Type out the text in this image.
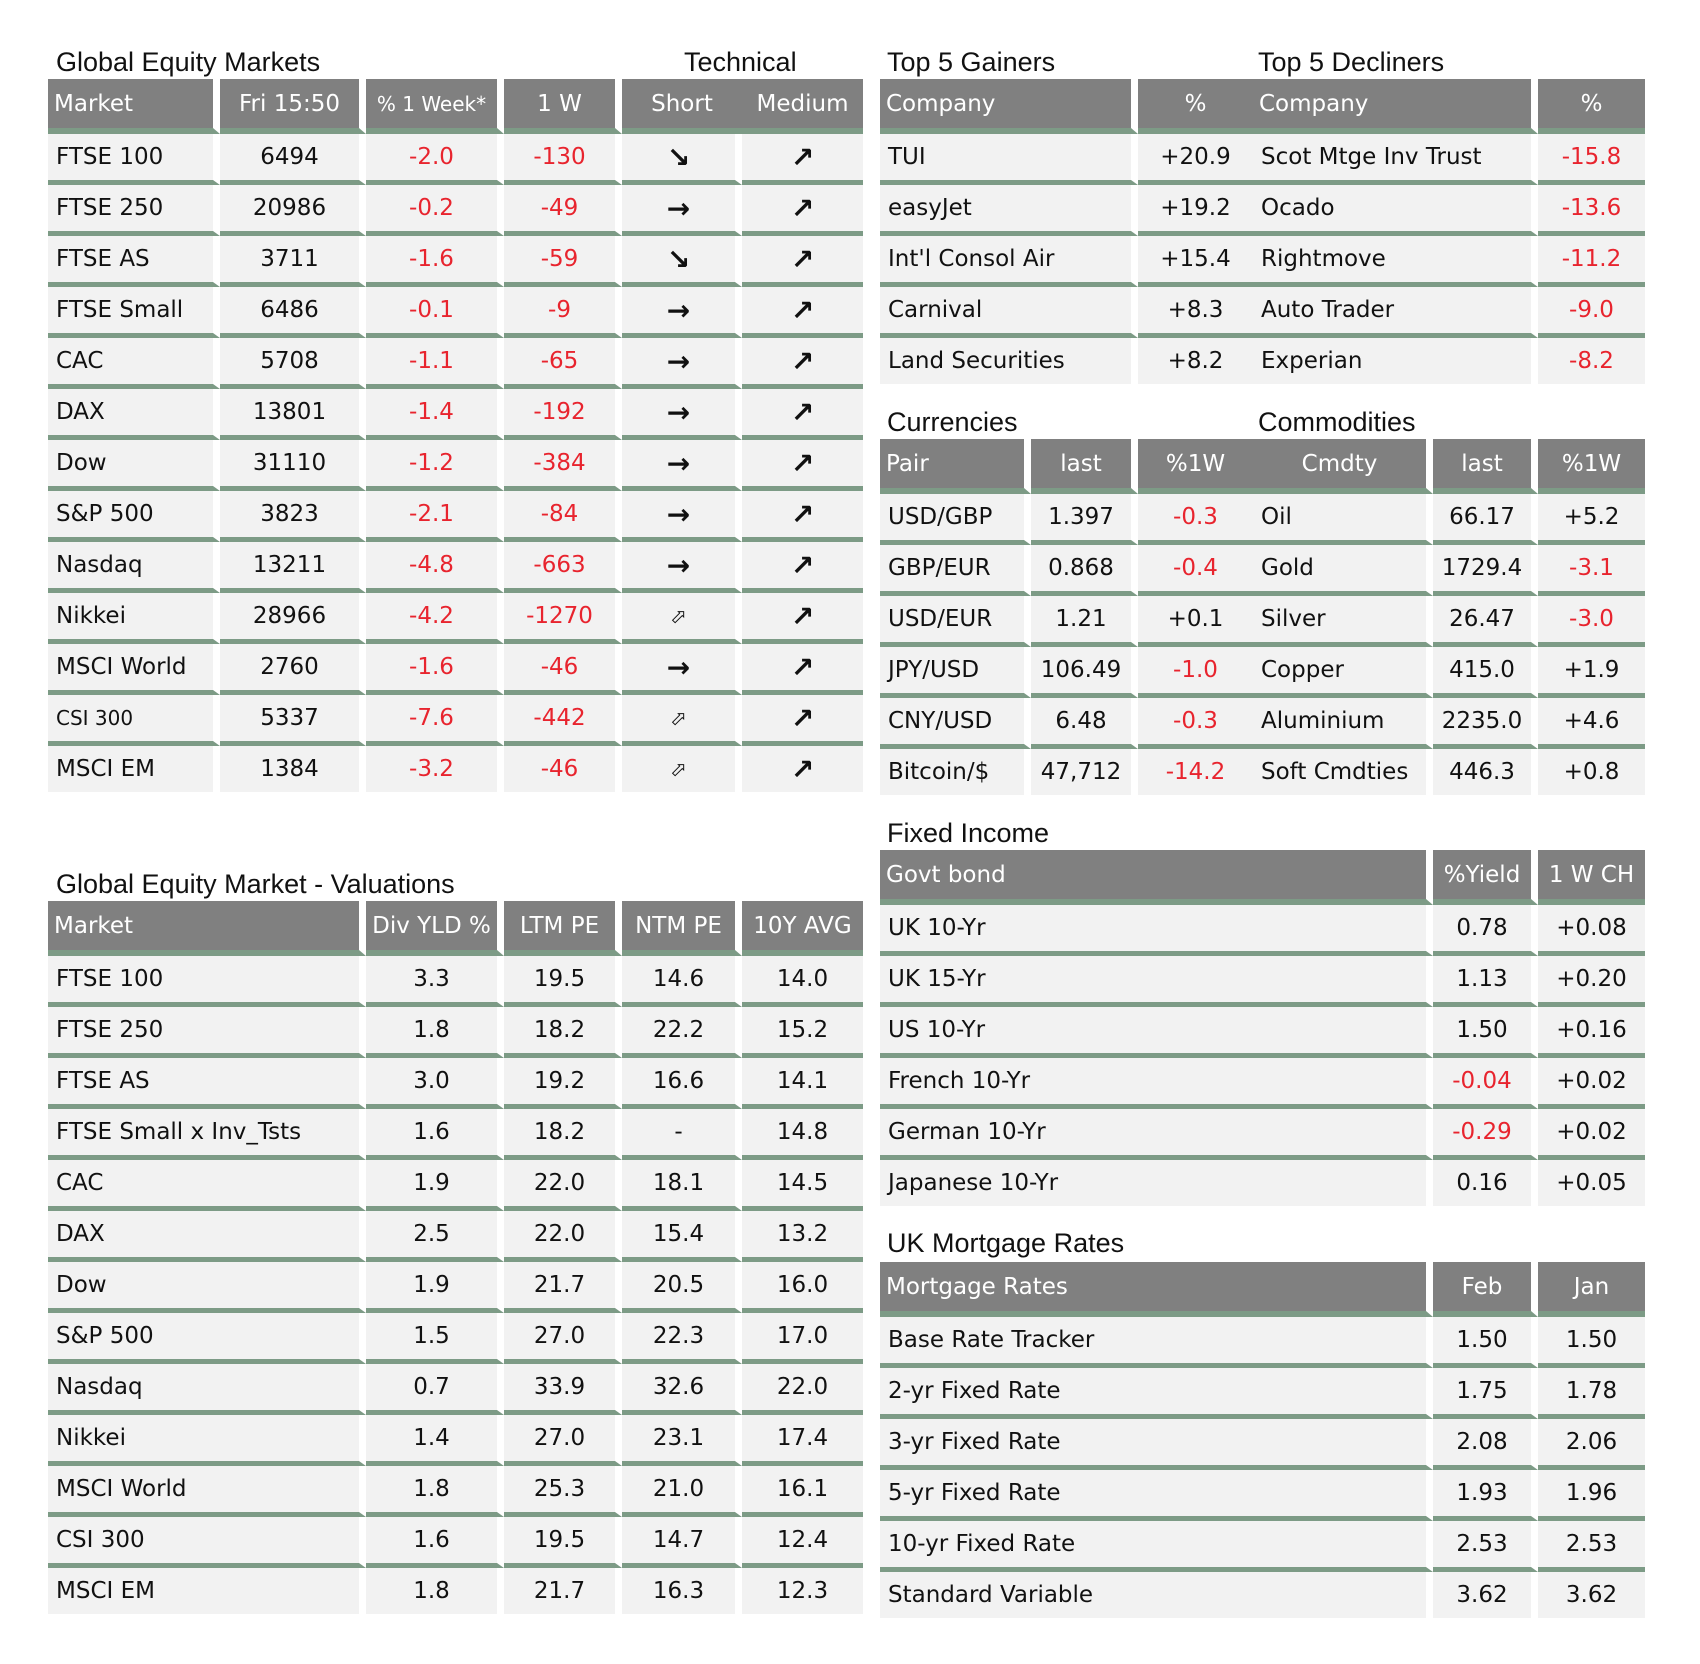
Global Equity Markets	Technical	Top 5 Gainers	Top 5 Decliners
Currencies	Commodities
Global Equity Market - Valuations
Fixed Income
UK Mortgage Rates
Market	Fri 15:50	% 1 Week*	1 W	Short	Medium
FTSE 100	6494	-2.0	-130	↘	↗
FTSE 250	20986	-0.2	-49	→	↗
FTSE AS	3711	-1.6	-59	↘	↗
FTSE Small	6486	-0.1	-9	→	↗
CAC	5708	-1.1	-65	→	↗
DAX	13801	-1.4	-192	→	↗
Dow	31110	-1.2	-384	→	↗
S&P 500	3823	-2.1	-84	→	↗
Nasdaq	13211	-4.8	-663	→	↗
Nikkei	28966	-4.2	-1270	⬀	↗
MSCI World	2760	-1.6	-46	→	↗
CSI 300	5337	-7.6	-442	⬀	↗
MSCI EM	1384	-3.2	-46	⬀	↗
Company	%
TUI	+20.9
easyJet	+19.2
Int'l Consol Air	+15.4
Carnival	+8.3
Land Securities	+8.2
Company	%
Scot Mtge Inv Trust	-15.8
Ocado	-13.6
Rightmove	-11.2
Auto Trader	-9.0
Experian	-8.2
Pair	last	%1W
USD/GBP	1.397	-0.3
GBP/EUR	0.868	-0.4
USD/EUR	1.21	+0.1
JPY/USD	106.49	-1.0
CNY/USD	6.48	-0.3
Bitcoin/$	47,712	-14.2
Cmdty	last	%1W
Oil	66.17	+5.2
Gold	1729.4	-3.1
Silver	26.47	-3.0
Copper	415.0	+1.9
Aluminium	2235.0	+4.6
Soft Cmdties	446.3	+0.8
Market	Div YLD %	LTM PE	NTM PE	10Y AVG
FTSE 100	3.3	19.5	14.6	14.0
FTSE 250	1.8	18.2	22.2	15.2
FTSE AS	3.0	19.2	16.6	14.1
FTSE Small x Inv_Tsts	1.6	18.2	-	14.8
CAC	1.9	22.0	18.1	14.5
DAX	2.5	22.0	15.4	13.2
Dow	1.9	21.7	20.5	16.0
S&P 500	1.5	27.0	22.3	17.0
Nasdaq	0.7	33.9	32.6	22.0
Nikkei	1.4	27.0	23.1	17.4
MSCI World	1.8	25.3	21.0	16.1
CSI 300	1.6	19.5	14.7	12.4
MSCI EM	1.8	21.7	16.3	12.3
Govt bond	%Yield	1 W CH
UK 10-Yr	0.78	+0.08
UK 15-Yr	1.13	+0.20
US 10-Yr	1.50	+0.16
French 10-Yr	-0.04	+0.02
German 10-Yr	-0.29	+0.02
Japanese 10-Yr	0.16	+0.05
Mortgage Rates	Feb	Jan
Base Rate Tracker	1.50	1.50
2-yr Fixed Rate	1.75	1.78
3-yr Fixed Rate	2.08	2.06
5-yr Fixed Rate	1.93	1.96
10-yr Fixed Rate	2.53	2.53
Standard Variable	3.62	3.62
